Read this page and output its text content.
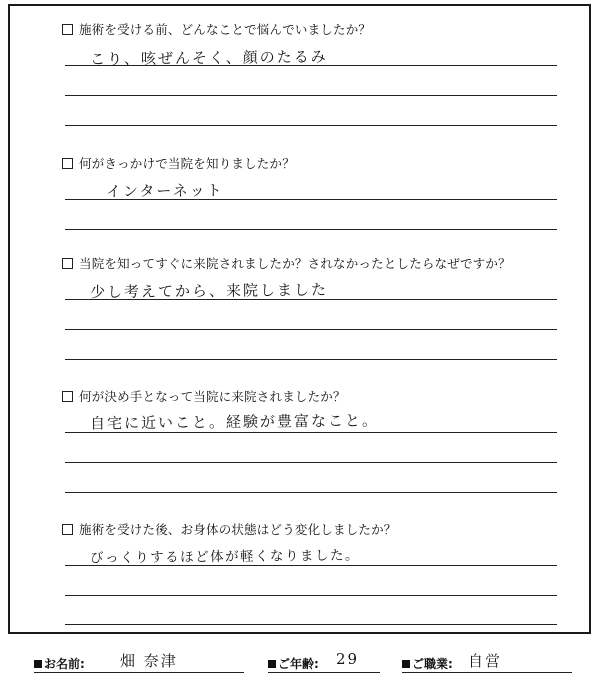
施術を受ける前、どんなことで悩んでいましたか？
こり、咳ぜんそく、顔のたるみ
何がきっかけで当院を知りましたか？
インターネット
当院を知ってすぐに来院されましたか？されなかったとしたらなぜですか？
少し考えてから、来院しました
何が決め手となって当院に来院されましたか？
自宅に近いこと。経験が豊富なこと。
施術を受けた後、お身体の状態はどう変化しましたか？
びっくりするほど体が軽くなりました。
お名前: 畑 奈津	ご年齢: 29	ご職業: 自営
